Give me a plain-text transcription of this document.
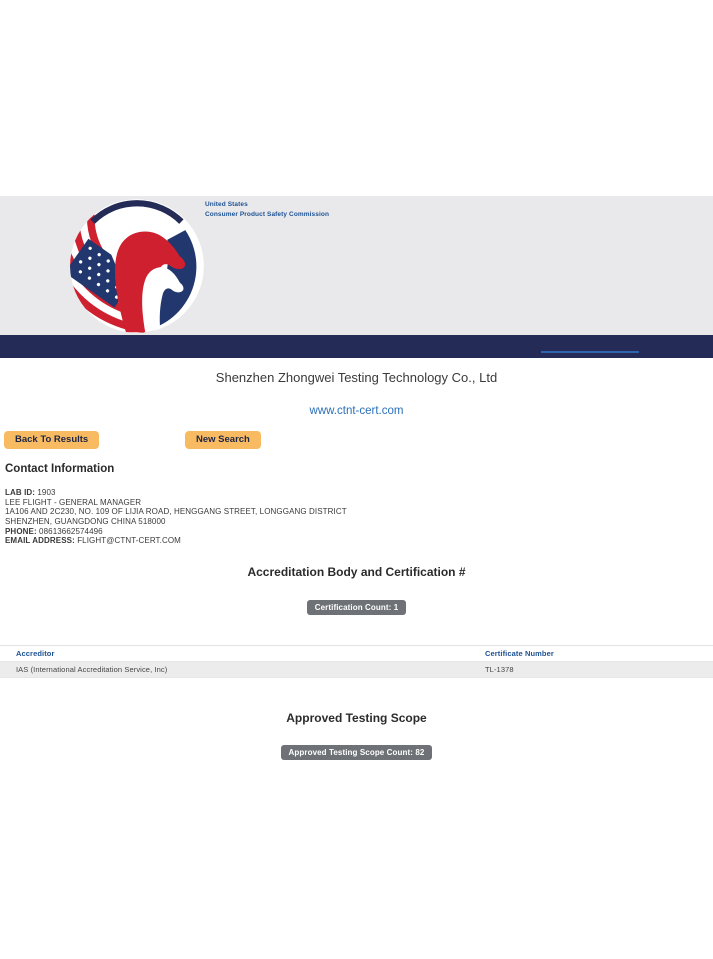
United States
Consumer Product Safety Commission
Shenzhen Zhongwei Testing Technology Co., Ltd
www.ctnt-cert.com
Back To Results	New Search
Contact Information
LAB ID: 1903
LEE FLIGHT - GENERAL MANAGER
1A106 AND 2C230, NO. 109 OF LIJIA ROAD, HENGGANG STREET, LONGGANG DISTRICT
SHENZHEN, GUANGDONG CHINA 518000
PHONE: 08613662574496
EMAIL ADDRESS: FLIGHT@CTNT-CERT.COM
Accreditation Body and Certification #
Certification Count: 1
Accreditor	Certificate Number
IAS (International Accreditation Service, Inc)	TL-1378
Approved Testing Scope
Approved Testing Scope Count: 82
